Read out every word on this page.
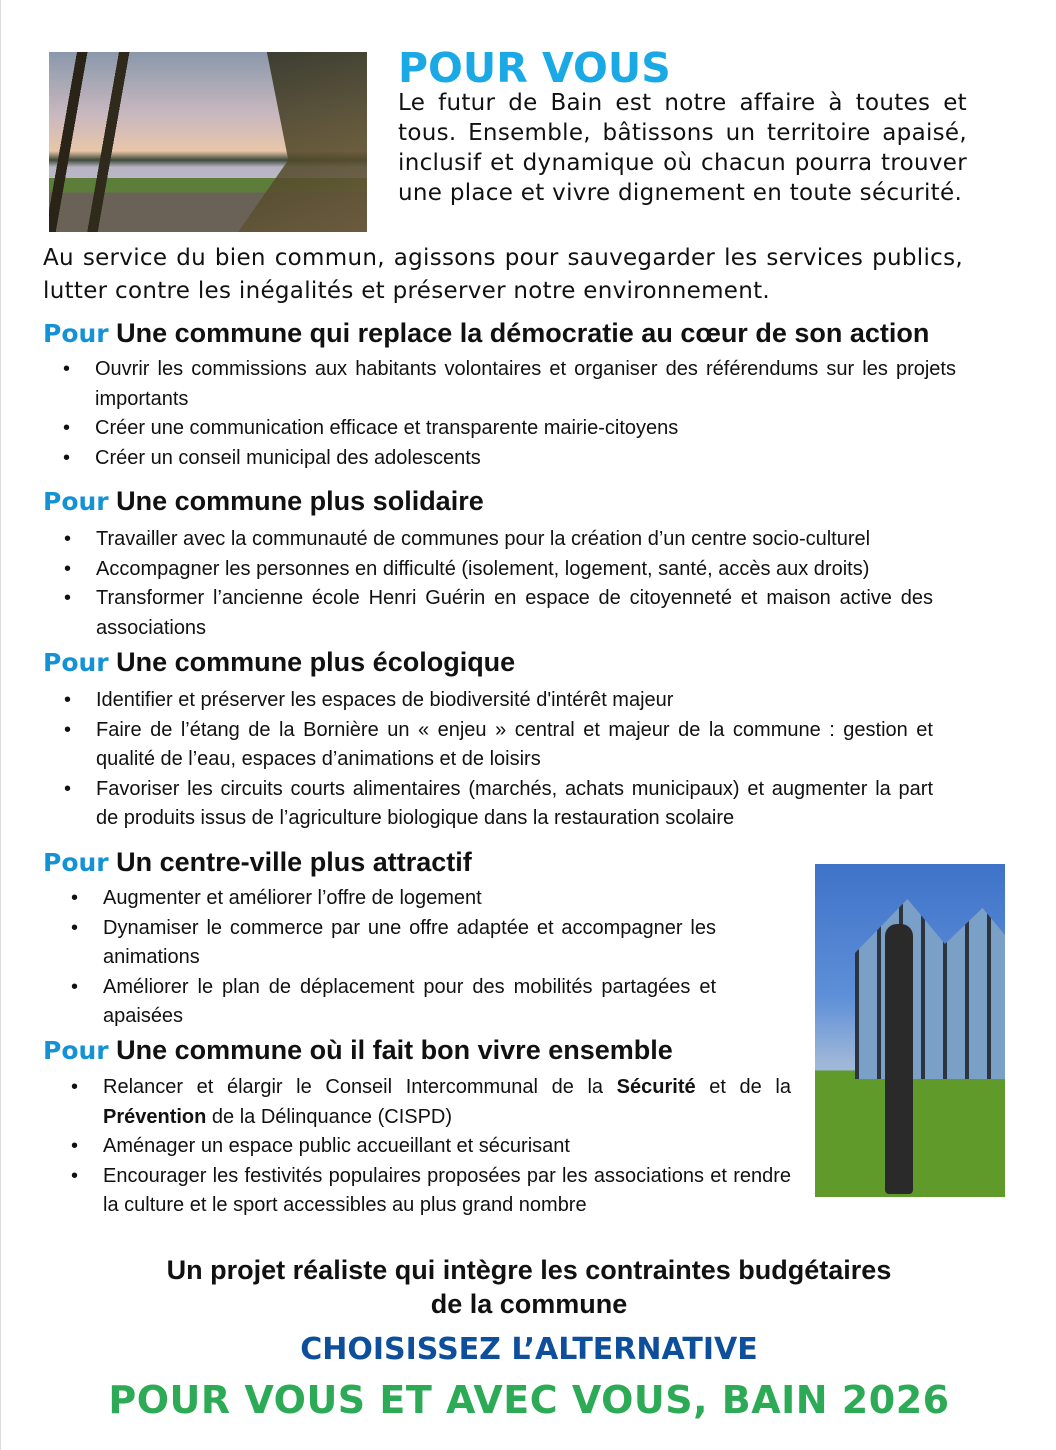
POUR VOUS

Le futur de Bain est notre affaire à toutes et tous. Ensemble, bâtissons un territoire apaisé, inclusif et dynamique où chacun pourra trouver une place et vivre dignement en toute sécurité.

Au service du bien commun, agissons pour sauvegarder les services publics, lutter contre les inégalités et préserver notre environnement.

Pour Une commune qui replace la démocratie au cœur de son action
• Ouvrir les commissions aux habitants volontaires et organiser des référendums sur les projets importants
• Créer une communication efficace et transparente mairie-citoyens
• Créer un conseil municipal des adolescents
Pour Une commune plus solidaire
• Travailler avec la communauté de communes pour la création d’un centre socio-culturel
• Accompagner les personnes en difficulté (isolement, logement, santé, accès aux droits)
• Transformer l’ancienne école Henri Guérin en espace de citoyenneté et maison active des associations
Pour Une commune plus écologique
• Identifier et préserver les espaces de biodiversité d'intérêt majeur
• Faire de l’étang de la Bornière un « enjeu » central et majeur de la commune : gestion et qualité de l’eau, espaces d’animations et de loisirs
• Favoriser les circuits courts alimentaires (marchés, achats municipaux) et augmenter la part de produits issus de l’agriculture biologique dans la restauration scolaire
Pour Un centre-ville plus attractif
• Augmenter et améliorer l’offre de logement
• Dynamiser le commerce par une offre adaptée et accompagner les animations
• Améliorer le plan de déplacement pour des mobilités partagées et apaisées
Pour Une commune où il fait bon vivre ensemble
• Relancer et élargir le Conseil Intercommunal de la Sécurité et de la Prévention de la Délinquance (CISPD)
• Aménager un espace public accueillant et sécurisant
• Encourager les festivités populaires proposées par les associations et rendre la culture et le sport accessibles au plus grand nombre
Un projet réaliste qui intègre les contraintes budgétaires
de la commune
CHOISISSEZ L’ALTERNATIVE
POUR VOUS ET AVEC VOUS, BAIN 2026
